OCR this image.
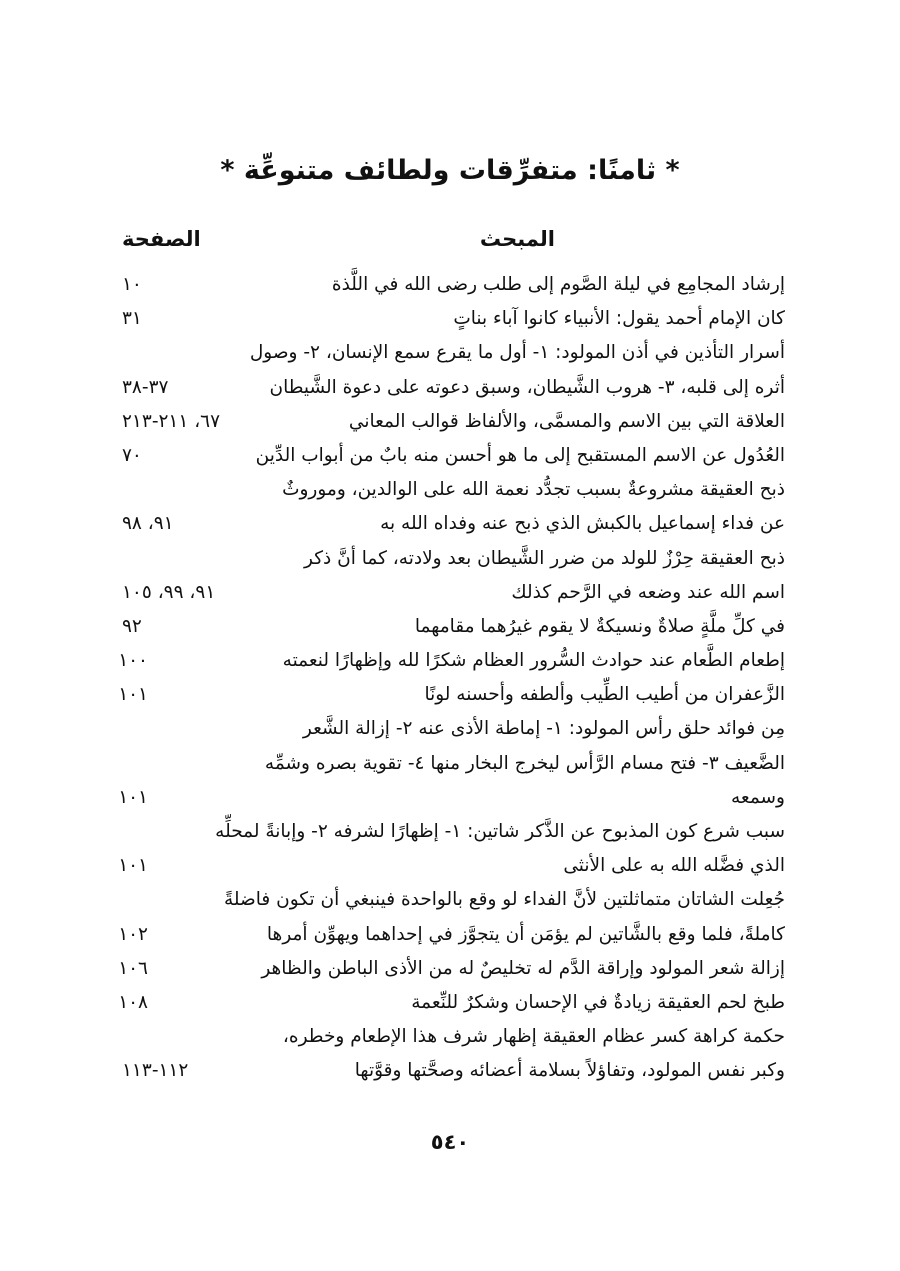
* ثامنًا: متفرِّقات ولطائف متنوعِّة *
المبحث
الصفحة
إرشاد المجامِع في ليلة الصَّوم إلى طلب رضى الله في اللَّذة
١٠
كان الإمام أحمد يقول: الأنبياء كانوا آباء بناتٍ
٣١
أسرار التأذين في أذن المولود: ١- أول ما يقرع سمع الإنسان، ٢- وصول
أثره إلى قلبه، ٣- هروب الشَّيطان، وسبق دعوته على دعوة الشَّيطان
٣٧-٣٨
العلاقة التي بين الاسم والمسمَّى، والألفاظ قوالب المعاني
٦٧، ٢١١-٢١٣
العُدُول عن الاسم المستقبح إلى ما هو أحسن منه بابٌ من أبواب الدِّين
٧٠
ذبح العقيقة مشروعةٌ بسبب تجدُّد نعمة الله على الوالدين، وموروثٌ
عن فداء إسماعيل بالكبش الذي ذبح عنه وفداه الله به
٩١، ٩٨
ذبح العقيقة حِرْزٌ للولد من ضرر الشَّيطان بعد ولادته، كما أنَّ ذكر
اسم الله عند وضعه في الرَّحم كذلك
٩١، ٩٩، ١٠٥
في كلِّ ملَّةٍ صلاةٌ ونسيكةٌ لا يقوم غيرُهما مقامهما
٩٢
إطعام الطَّعام عند حوادث السُّرور العظام شكرًا لله وإظهارًا لنعمته
١٠٠
الزَّعفران من أطيب الطِّيب وألطفه وأحسنه لونًا
١٠١
مِن فوائد حلق رأس المولود: ١- إماطة الأذى عنه ٢- إزالة الشَّعر
الضَّعيف ٣- فتح مسام الرَّأس ليخرج البخار منها ٤- تقوية بصره وشمِّه
وسمعه
١٠١
سبب شرع كون المذبوح عن الذَّكر شاتين: ١- إظهارًا لشرفه ٢- وإبانةً لمحلِّه
الذي فضَّله الله به على الأنثى
١٠١
جُعِلت الشاتان متماثلتين لأنَّ الفداء لو وقع بالواحدة فينبغي أن تكون فاضلةً
كاملةً، فلما وقع بالشَّاتين لم يؤمَن أن يتجوَّز في إحداهما ويهوِّن أمرها
١٠٢
إزالة شعر المولود وإراقة الدَّم له تخليصٌ له من الأذى الباطن والظاهر
١٠٦
طبخ لحم العقيقة زيادةٌ في الإحسان وشكرٌ للنِّعمة
١٠٨
حكمة كراهة كسر عظام العقيقة إظهار شرف هذا الإطعام وخطره،
وكبر نفس المولود، وتفاؤلاً بسلامة أعضائه وصحَّتها وقوَّتها
١١٢-١١٣
٥٤٠
